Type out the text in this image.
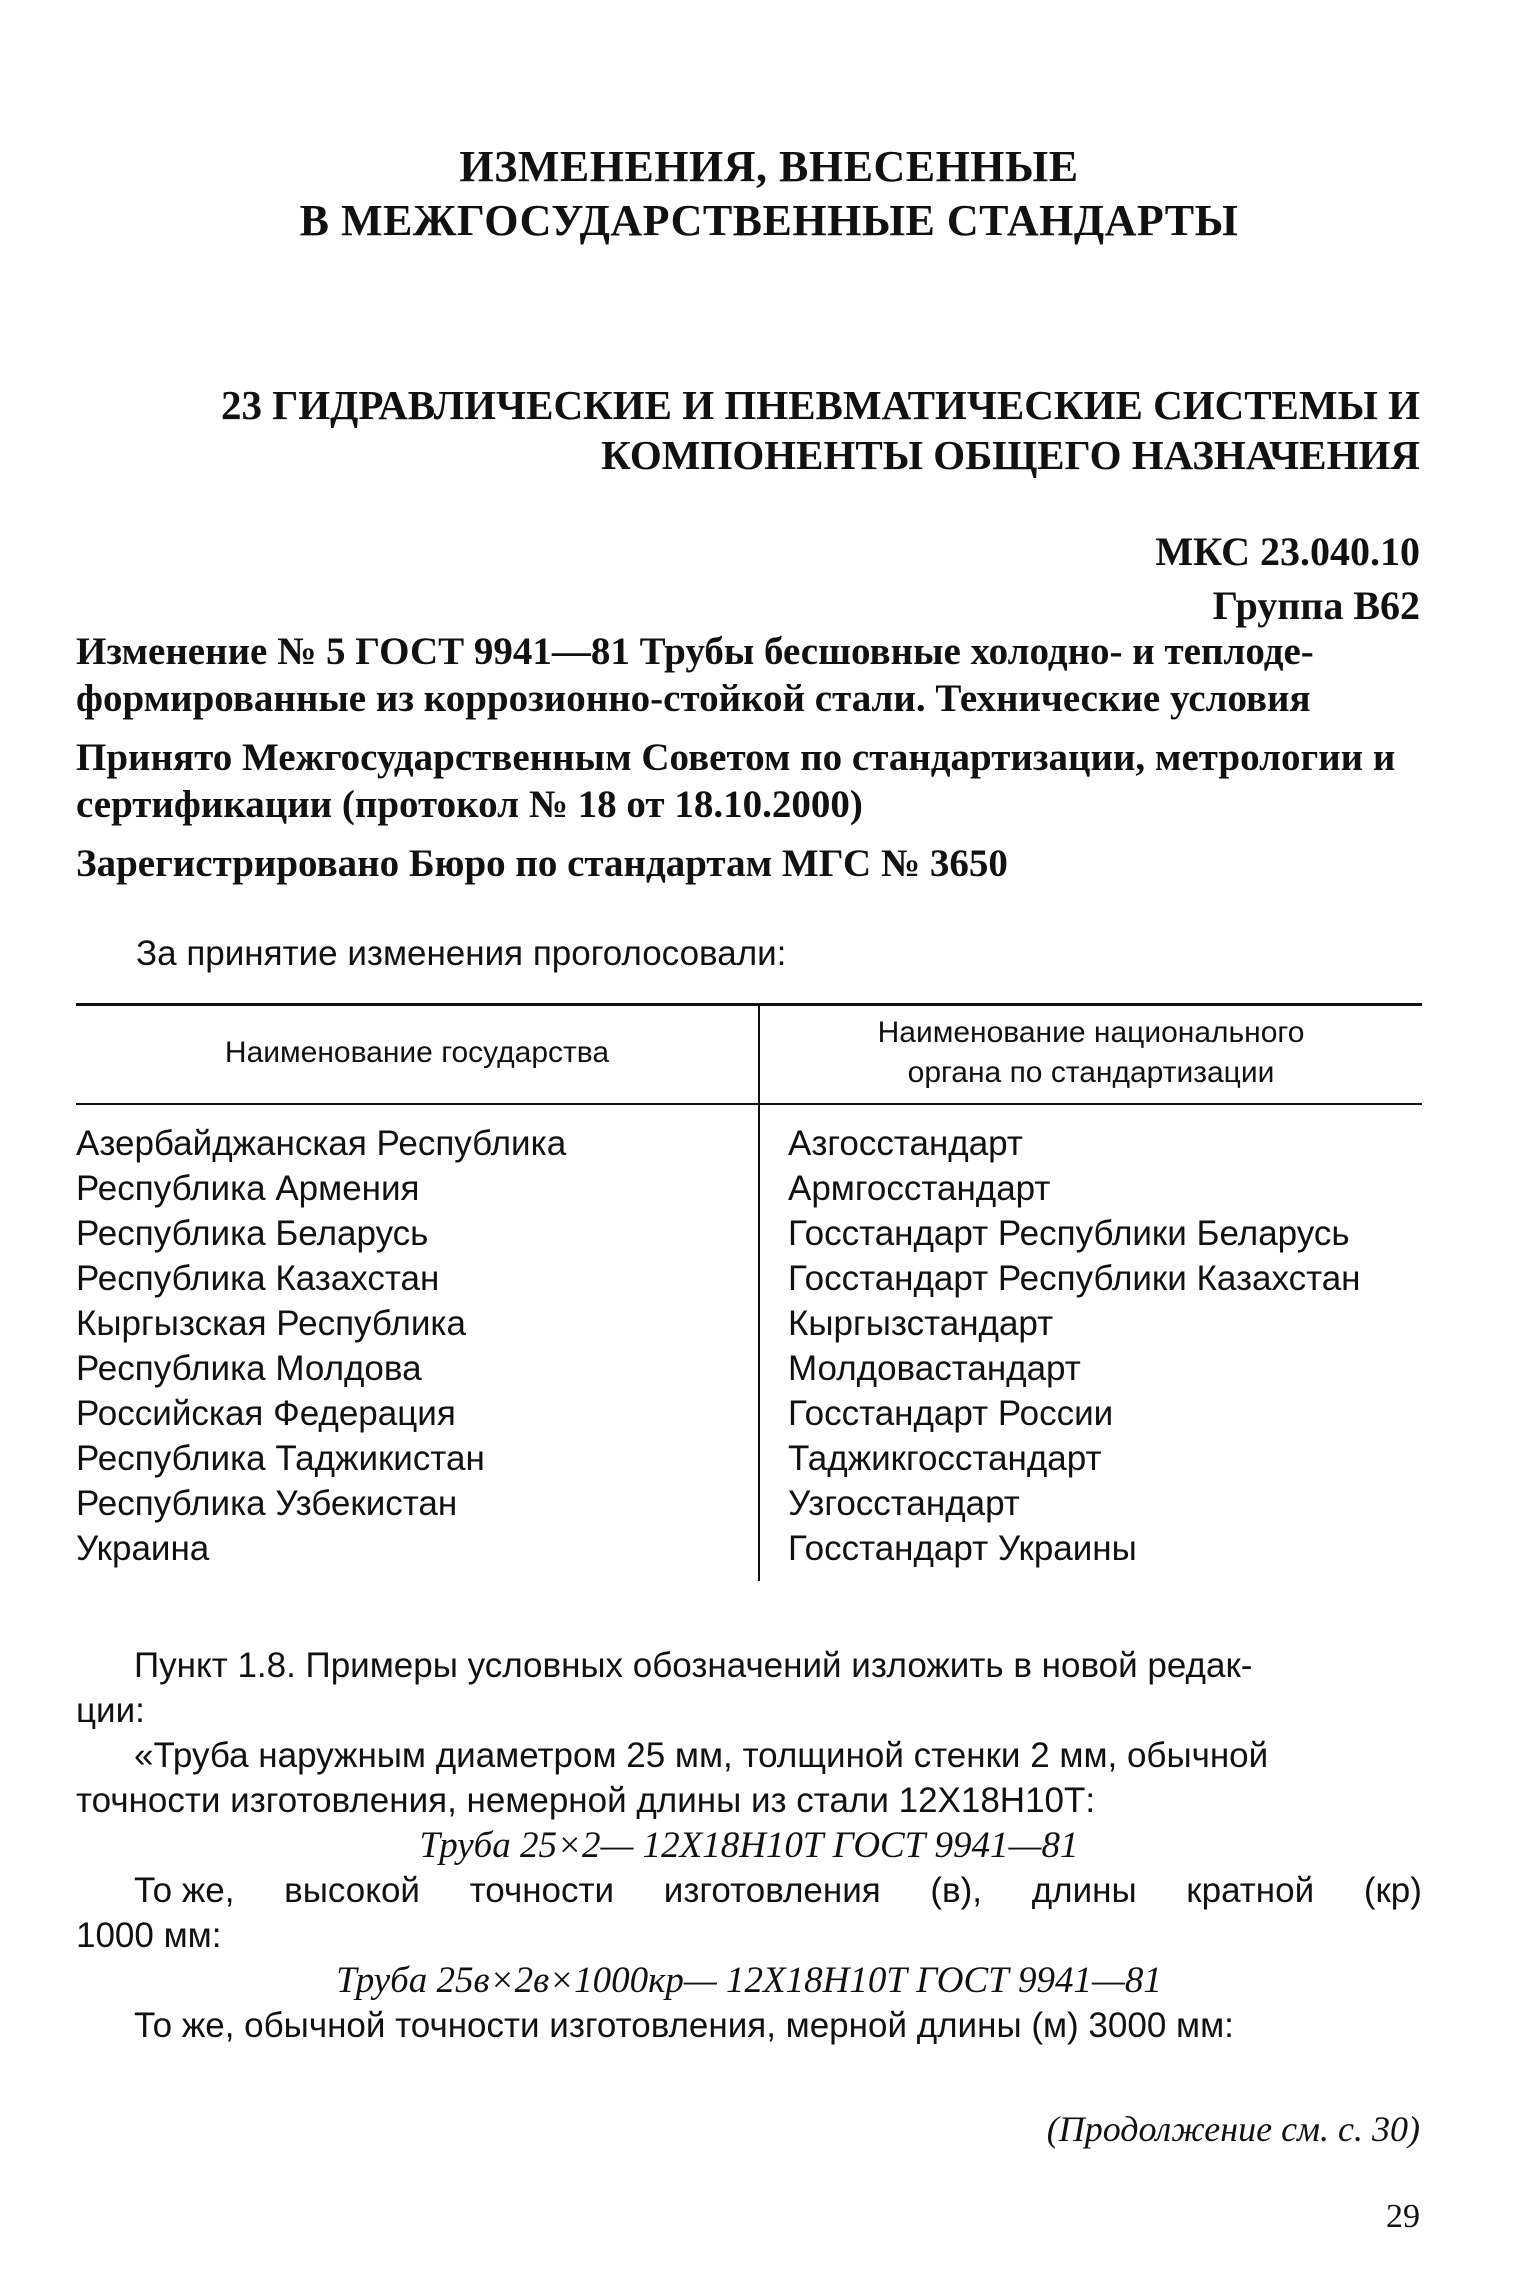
ИЗМЕНЕНИЯ, ВНЕСЕННЫЕ
В МЕЖГОСУДАРСТВЕННЫЕ СТАНДАРТЫ
23 ГИДРАВЛИЧЕСКИЕ И ПНЕВМАТИЧЕСКИЕ СИСТЕМЫ И
КОМПОНЕНТЫ ОБЩЕГО НАЗНАЧЕНИЯ
МКС 23.040.10
Группа В62
Изменение № 5 ГОСТ 9941—81 Трубы бесшовные холодно- и теплоде-
формированные из коррозионно-стойкой стали. Технические условия
Принято Межгосударственным Советом по стандартизации, метрологии и
сертификации (протокол № 18 от 18.10.2000)
Зарегистрировано Бюро по стандартам МГС № 3650
За принятие изменения проголосовали:
Наименование государства
Наименование национального
органа по стандартизации
Азербайджанская Республика
Республика Армения
Республика Беларусь
Республика Казахстан
Кыргызская Республика
Республика Молдова
Российская Федерация
Республика Таджикистан
Республика Узбекистан
Украина
Азгосстандарт
Армгосстандарт
Госстандарт Республики Беларусь
Госстандарт Республики Казахстан
Кыргызстандарт
Молдовастандарт
Госстандарт России
Таджикгосстандарт
Узгосстандарт
Госстандарт Украины
Пункт 1.8. Примеры условных обозначений изложить в новой редак-
ции:
«Труба наружным диаметром 25 мм, толщиной стенки 2 мм, обычной
точности изготовления, немерной длины из стали 12Х18Н10Т:
Труба 25×2— 12Х18Н10Т ГОСТ 9941—81
То же, высокой точности изготовления (в), длины кратной (кр)
1000 мм:
Труба 25в×2в×1000кр— 12Х18Н10Т ГОСТ 9941—81
То же, обычной точности изготовления, мерной длины (м) 3000 мм:
(Продолжение см. с. 30)
29
